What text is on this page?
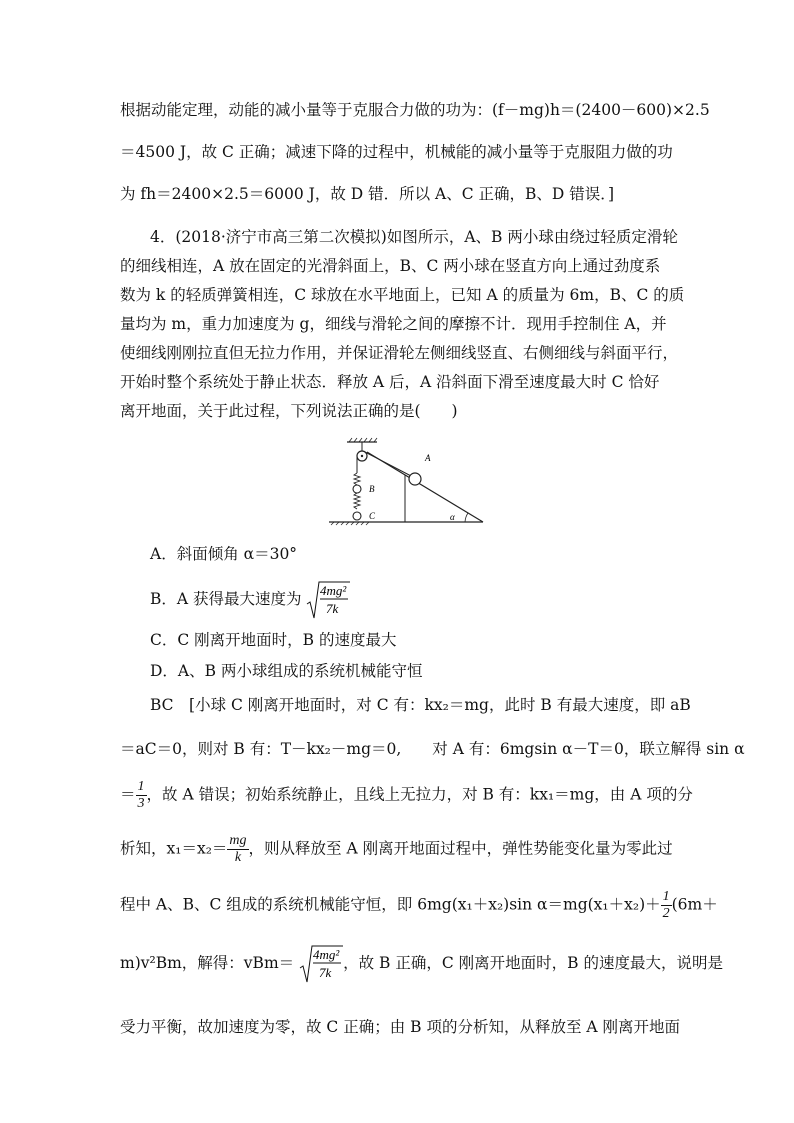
根据动能定理，动能的减小量等于克服合力做的功为：(f－mg)h＝(2400－600)×2.5
＝4500 J，故 C 正确；减速下降的过程中，机械能的减小量等于克服阻力做的功
为 fh＝2400×2.5＝6000 J，故 D 错．所以 A、C 正确，B、D 错误．]
4．(2018·济宁市高三第二次模拟)如图所示，A、B 两小球由绕过轻质定滑轮
的细线相连，A 放在固定的光滑斜面上，B、C 两小球在竖直方向上通过劲度系
数为 k 的轻质弹簧相连，C 球放在水平地面上，已知 A 的质量为 6m，B、C 的质
量均为 m，重力加速度为 g，细线与滑轮之间的摩擦不计．现用手控制住 A，并
使细线刚刚拉直但无拉力作用，并保证滑轮左侧细线竖直、右侧细线与斜面平行，
开始时整个系统处于静止状态．释放 A 后，A 沿斜面下滑至速度最大时 C 恰好
离开地面，关于此过程，下列说法正确的是(　　)
A
B
C	α
A．斜面倾角 α＝30°
B．A 获得最大速度为 4mg²
7k
C．C 刚离开地面时，B 的速度最大
D．A、B 两小球组成的系统机械能守恒
BC　[小球 C 刚离开地面时，对 C 有：kx₂＝mg，此时 B 有最大速度，即 aB
＝aC＝0，则对 B 有：T－kx₂－mg＝0,　　对 A 有：6mgsin α－T＝0，联立解得 sin α
＝ $\frac{1}{3}$ ，故 A 错误；初始系统静止，且线上无拉力，对 B 有：kx₁＝mg，由 A 项的分
析知，$x_1=x_2= \frac{mg}{k}$ ，则从释放至 A 刚离开地面过程中，弹性势能变化量为零此过
程中 A、B、C 组成的系统机械能守恒，即 6mg(x₁＋x₂)sin $\alpha=mg(x_1+x_2)+ \frac{1}{2} (6m+$
m)v²Bm，解得：vBm＝ 4mg²
7k
，故 B 正确，C 刚离开地面时，B 的速度最大，说明是
受力平衡，故加速度为零，故 C 正确；由 B 项的分析知，从释放至 A 刚离开地面
